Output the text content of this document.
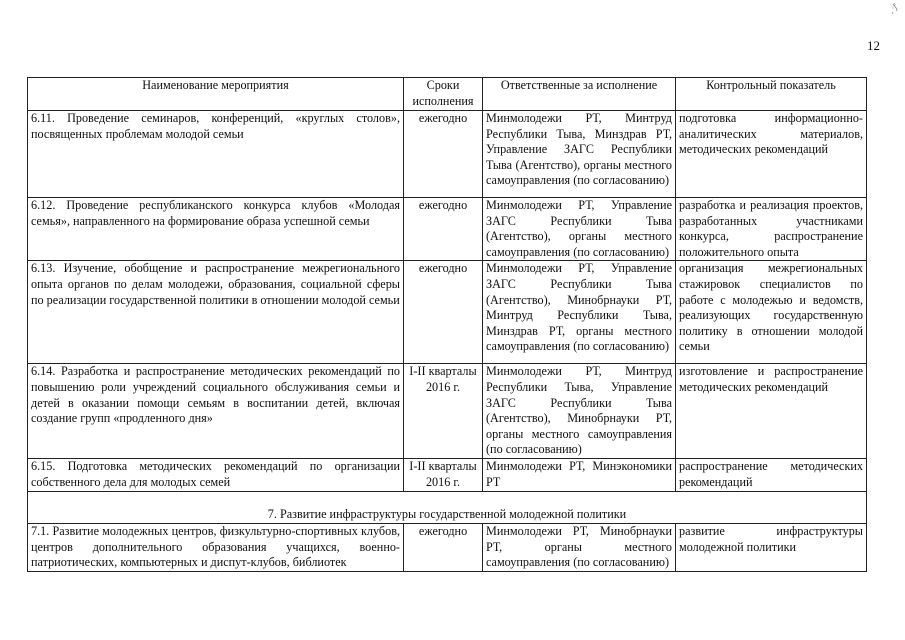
¸·ƒ
12
Наименование мероприятия	Сроки исполнения	Ответственные за исполнение	Контрольный показатель
6.11. Проведение семинаров, конференций, «круглых столов», посвященных проблемам молодой семьи	ежегодно	Минмолодежи РТ, Минтруд Республики Тыва, Минздрав РТ, Управление ЗАГС Республики Тыва (Агентство), органы местного самоуправления (по согласованию)	подготовка информационно-аналитических материалов, методических рекомендаций
6.12. Проведение республиканского конкурса клубов «Молодая семья», направленного на формирование образа успешной семьи	ежегодно	Минмолодежи РТ, Управление ЗАГС Республики Тыва (Агентство), органы местного самоуправления (по согласованию)	разработка и реализация проектов, разработанных участниками конкурса, распространение положительного опыта
6.13. Изучение, обобщение и распространение межрегионального опыта органов по делам молодежи, образования, социальной сферы по реализации государственной политики в отношении молодой семьи	ежегодно	Минмолодежи РТ, Управление ЗАГС Республики Тыва (Агентство), Минобрнауки РТ, Минтруд Республики Тыва, Минздрав РТ, органы местного самоуправления (по согласованию)	организация межрегиональных стажировок специалистов по работе с молодежью и ведомств, реализующих государственную политику в отношении молодой семьи
6.14. Разработка и распространение методических рекомендаций по повышению роли учреждений социального обслуживания семьи и детей в оказании помощи семьям в воспитании детей, включая создание групп «продленного дня»	I-II кварталы 2016 г.	Минмолодежи РТ, Минтруд Республики Тыва, Управление ЗАГС Республики Тыва (Агентство), Минобрнауки РТ, органы местного самоуправления (по согласованию)	изготовление и распространение методических рекомендаций
6.15. Подготовка методических рекомендаций по организации собственного дела для молодых семей	I-II кварталы 2016 г.	Минмолодежи РТ, Минэкономики РТ	распространение методических рекомендаций
7. Развитие инфраструктуры государственной молодежной политики			
7.1. Развитие молодежных центров, физкультурно-спортивных клубов, центров дополнительного образования учащихся, военно-патриотических, компьютерных и диспут-клубов, библиотек	ежегодно	Минмолодежи РТ, Минобрнауки РТ, органы местного самоуправления (по согласованию)	развитие инфраструктуры молодежной политики
